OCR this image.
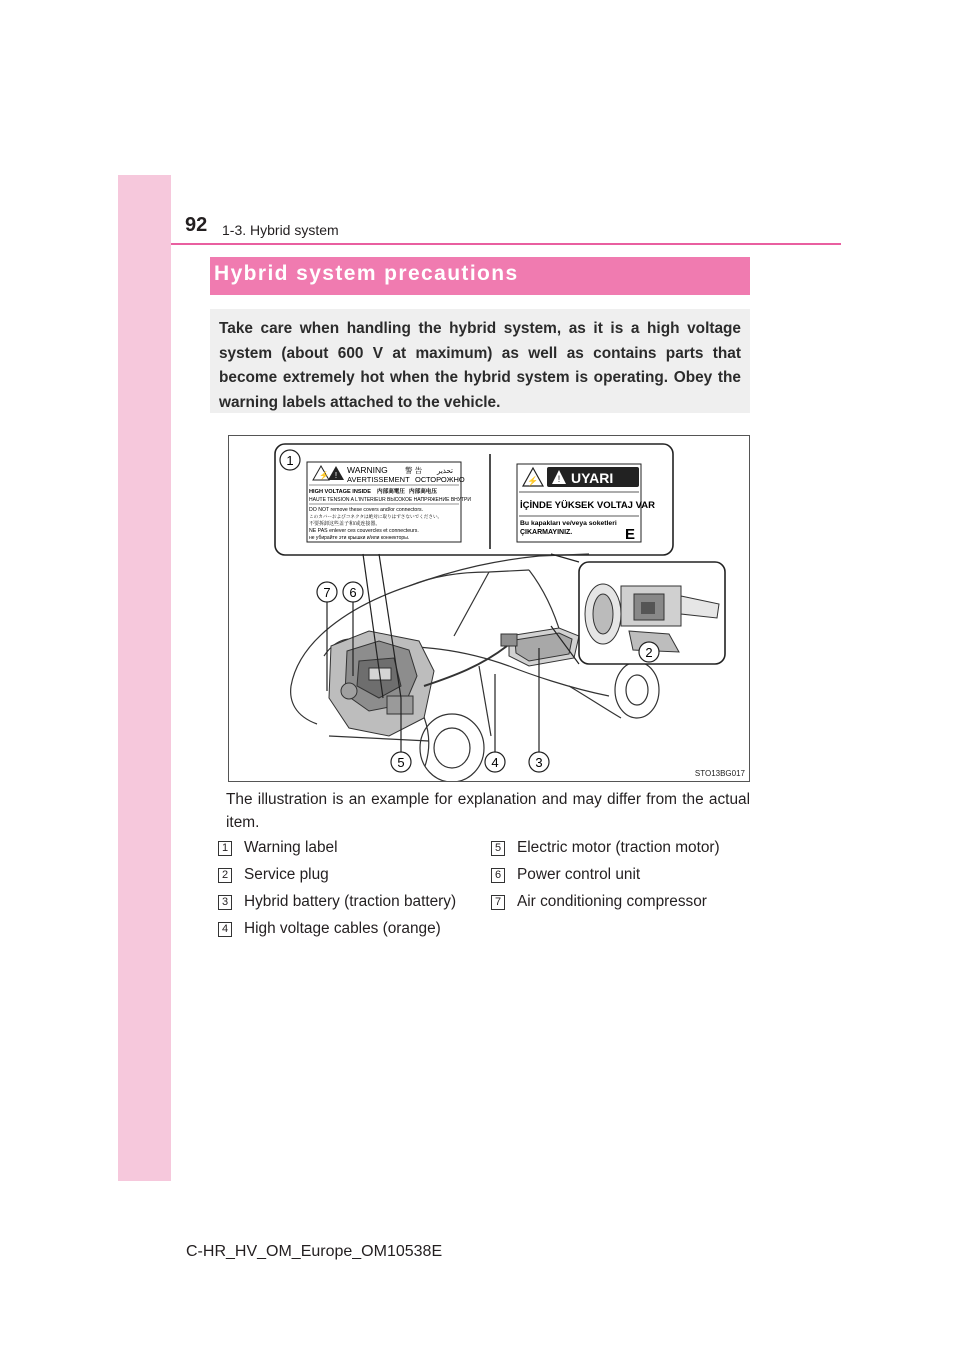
92 1-3. Hybrid system
Hybrid system precautions

Take care when handling the hybrid system, as it is a high voltage system (about 600 V at maximum) as well as contains parts that become extremely hot when the hybrid system is operating. Obey the warning labels attached to the vehicle.

⚡ !
WARNING 警 告 تحذير
AVERTISSEMENT ОСТОРОЖНО
HIGH VOLTAGE INSIDE 内部高電圧 内部高电压
HAUTE TENSION A L'INTERIEUR ВЫСОКОЕ НАПРЯЖЕНИЕ ВНУТРИ
DO NOT remove these covers and/or connectors.
このカバーおよびコネクタは絶対に取りはずさないでください。
不要拆卸这些盖子和/或连接器。
NE PAS enlever ces couvercles et connecteurs.
не убирайте эти крышки и/или коннекторы.
⚡ ! UYARI
İÇİNDE YÜKSEK VOLTAJ VAR
Bu kapakları ve/veya soketleri
ÇIKARMAYINIZ.	E
1
2
3
4
5
6
7
STO13BG017

The illustration is an example for explanation and may differ from the actual item.

1 Warning label
2 Service plug
3 Hybrid battery (traction battery)
4 High voltage cables (orange)
5 Electric motor (traction motor)
6 Power control unit
7 Air conditioning compressor
C-HR_HV_OM_Europe_OM10538E
